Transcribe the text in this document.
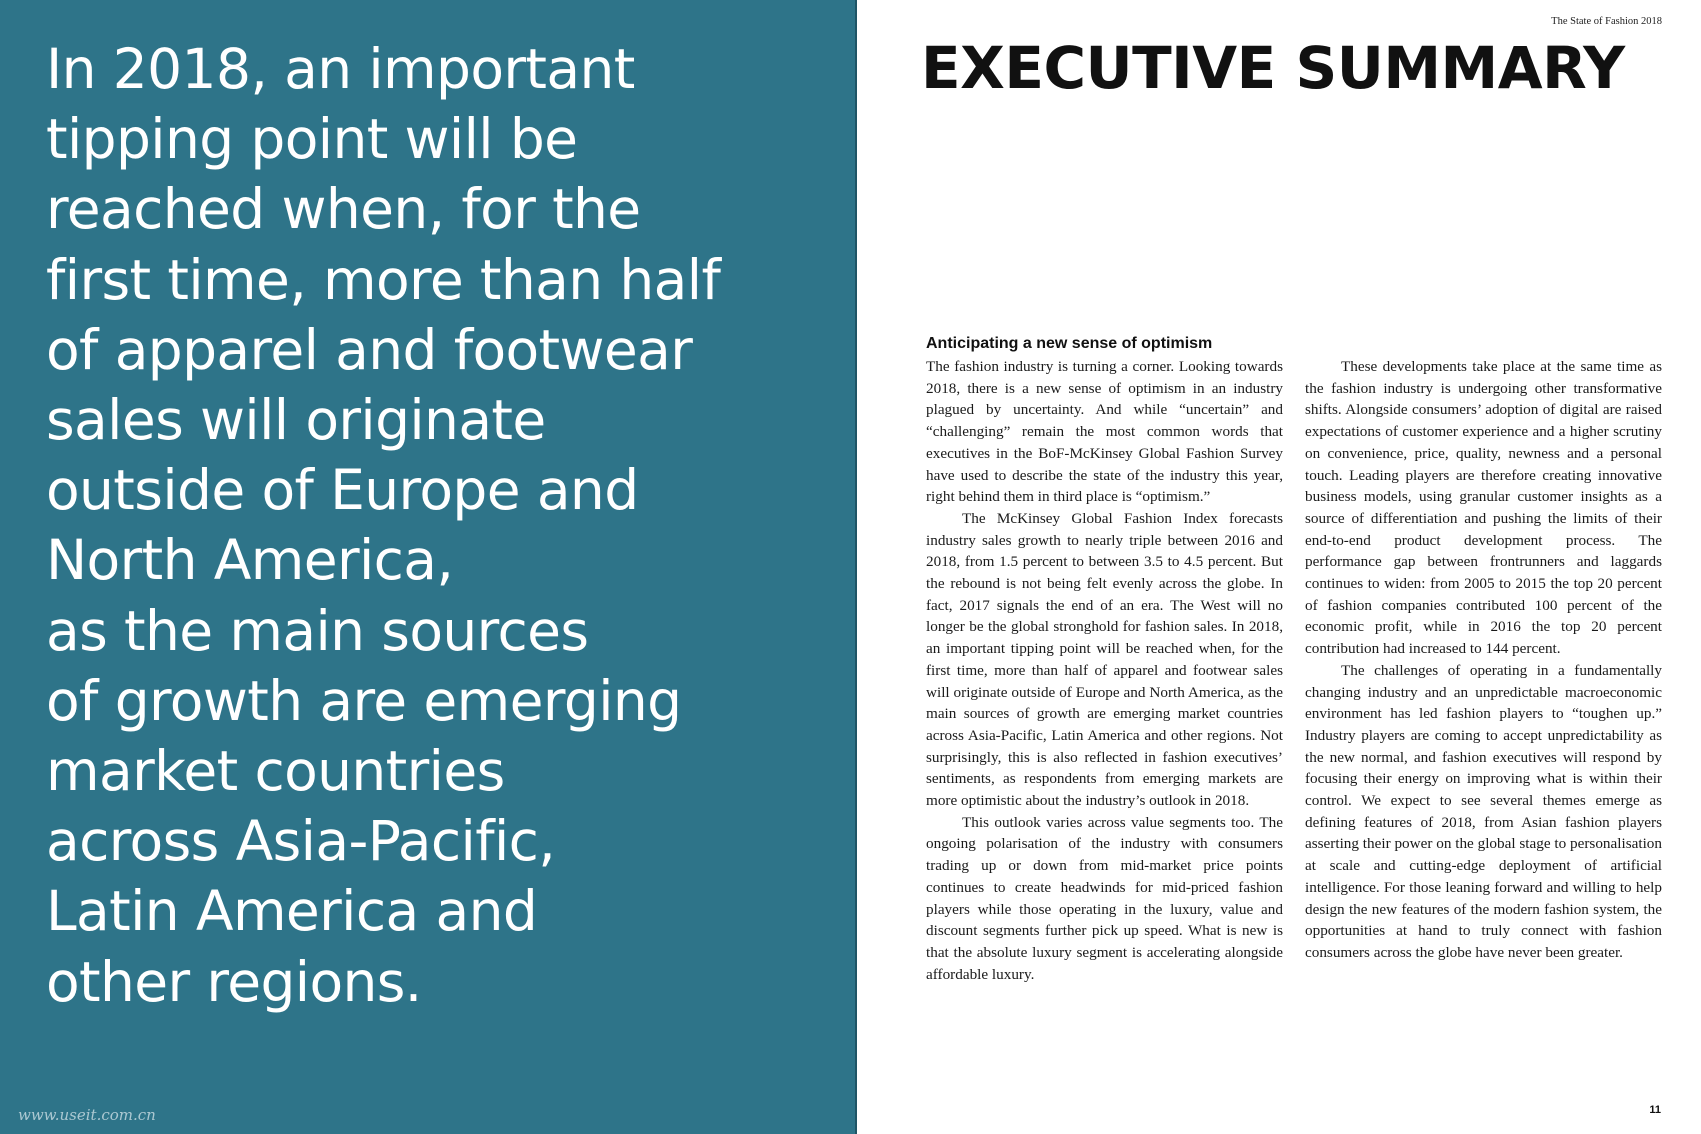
In 2018, an important
tipping point will be
reached when, for the
first time, more than half
of apparel and footwear
sales will originate
outside of Europe and
North America,
as the main sources
of growth are emerging
market countries
across Asia-Pacific,
Latin America and
other regions.

www.useit.com.cn
The State of Fashion 2018
EXECUTIVE SUMMARY
Anticipating a new sense of optimism

The fashion industry is turning a corner. Looking towards 2018, there is a new sense of optimism in an industry plagued by uncertainty. And while “uncertain” and “challenging” remain the most common words that executives in the BoF-McKinsey Global Fashion Survey have used to describe the state of the industry this year, right behind them in third place is “optimism.”

The McKinsey Global Fashion Index forecasts industry sales growth to nearly triple between 2016 and 2018, from 1.5 percent to between 3.5 to 4.5 percent. But the rebound is not being felt evenly across the globe. In fact, 2017 signals the end of an era. The West will no longer be the global stronghold for fashion sales. In 2018, an important tipping point will be reached when, for the first time, more than half of apparel and footwear sales will originate outside of Europe and North America, as the main sources of growth are emerging market countries across Asia-Pacific, Latin America and other regions. Not surprisingly, this is also reflected in fashion executives’ sentiments, as respondents from emerging markets are more optimistic about the industry’s outlook in 2018.

This outlook varies across value segments too. The ongoing polarisation of the industry with consumers trading up or down from mid-market price points continues to create headwinds for mid-priced fashion players while those operating in the luxury, value and discount segments further pick up speed. What is new is that the absolute luxury segment is accelerating alongside affordable luxury.

These developments take place at the same time as the fashion industry is undergoing other transformative shifts. Alongside consumers’ adoption of digital are raised expectations of customer experience and a higher scrutiny on convenience, price, quality, newness and a personal touch. Leading players are therefore creating innovative business models, using granular customer insights as a source of differentiation and pushing the limits of their end-to-end product development process. The performance gap between frontrunners and laggards continues to widen: from 2005 to 2015 the top 20 percent of fashion companies contributed 100 percent of the economic profit, while in 2016 the top 20 percent contribution had increased to 144 percent.

The challenges of operating in a fundamentally changing industry and an unpredictable macroeconomic environment has led fashion players to “toughen up.” Industry players are coming to accept unpredictability as the new normal, and fashion executives will respond by focusing their energy on improving what is within their control. We expect to see several themes emerge as defining features of 2018, from Asian fashion players asserting their power on the global stage to personalisation at scale and cutting-edge deployment of artificial intelligence. For those leaning forward and willing to help design the new features of the modern fashion system, the opportunities at hand to truly connect with fashion consumers across the globe have never been greater.

11
